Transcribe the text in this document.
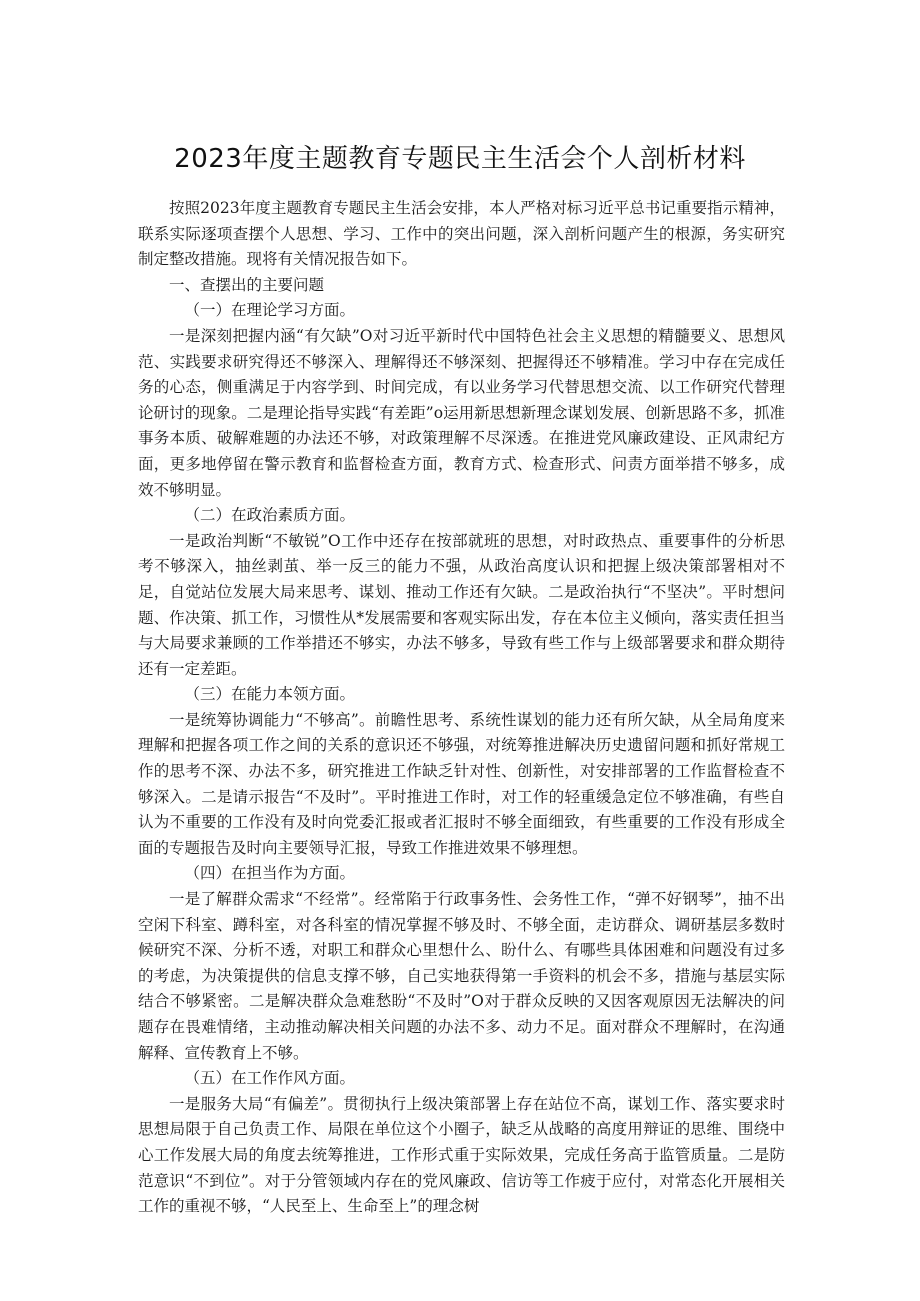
2023年度主题教育专题民主生活会个人剖析材料

按照2023年度主题教育专题民主生活会安排，本人严格对标习近平总书记重要指示精神，联系实际逐项查摆个人思想、学习、工作中的突出问题，深入剖析问题产生的根源，务实研究制定整改措施。现将有关情况报告如下。

一、查摆出的主要问题

（一）在理论学习方面。

一是深刻把握内涵“有欠缺”O对习近平新时代中国特色社会主义思想的精髓要义、思想风范、实践要求研究得还不够深入、理解得还不够深刻、把握得还不够精准。学习中存在完成任务的心态，侧重满足于内容学到、时间完成，有以业务学习代替思想交流、以工作研究代替理论研讨的现象。二是理论指导实践“有差距”o运用新思想新理念谋划发展、创新思路不多，抓准事务本质、破解难题的办法还不够，对政策理解不尽深透。在推进党风廉政建设、正风肃纪方面，更多地停留在警示教育和监督检查方面，教育方式、检查形式、问责方面举措不够多，成效不够明显。

（二）在政治素质方面。

一是政治判断“不敏锐”O工作中还存在按部就班的思想，对时政热点、重要事件的分析思考不够深入，抽丝剥茧、举一反三的能力不强，从政治高度认识和把握上级决策部署相对不足，自觉站位发展大局来思考、谋划、推动工作还有欠缺。二是政治执行“不坚决”。平时想问题、作决策、抓工作，习惯性从*发展需要和客观实际出发，存在本位主义倾向，落实责任担当与大局要求兼顾的工作举措还不够实，办法不够多，导致有些工作与上级部署要求和群众期待还有一定差距。

（三）在能力本领方面。

一是统筹协调能力“不够高”。前瞻性思考、系统性谋划的能力还有所欠缺，从全局角度来理解和把握各项工作之间的关系的意识还不够强，对统筹推进解决历史遗留问题和抓好常规工作的思考不深、办法不多，研究推进工作缺乏针对性、创新性，对安排部署的工作监督检查不够深入。二是请示报告“不及时”。平时推进工作时，对工作的轻重缓急定位不够准确，有些自认为不重要的工作没有及时向党委汇报或者汇报时不够全面细致，有些重要的工作没有形成全面的专题报告及时向主要领导汇报，导致工作推进效果不够理想。

（四）在担当作为方面。

一是了解群众需求“不经常”。经常陷于行政事务性、会务性工作，“弹不好钢琴”，抽不出空闲下科室、蹲科室，对各科室的情况掌握不够及时、不够全面，走访群众、调研基层多数时候研究不深、分析不透，对职工和群众心里想什么、盼什么、有哪些具体困难和问题没有过多的考虑，为决策提供的信息支撑不够，自己实地获得第一手资料的机会不多，措施与基层实际结合不够紧密。二是解决群众急难愁盼“不及时”O对于群众反映的又因客观原因无法解决的问题存在畏难情绪，主动推动解决相关问题的办法不多、动力不足。面对群众不理解时，在沟通解释、宣传教育上不够。

（五）在工作作风方面。

一是服务大局“有偏差”。贯彻执行上级决策部署上存在站位不高，谋划工作、落实要求时思想局限于自己负责工作、局限在单位这个小圈子，缺乏从战略的高度用辩证的思维、围绕中心工作发展大局的角度去统筹推进，工作形式重于实际效果，完成任务高于监管质量。二是防范意识“不到位”。对于分管领域内存在的党风廉政、信访等工作疲于应付，对常态化开展相关工作的重视不够，“人民至上、生命至上”的理念树
